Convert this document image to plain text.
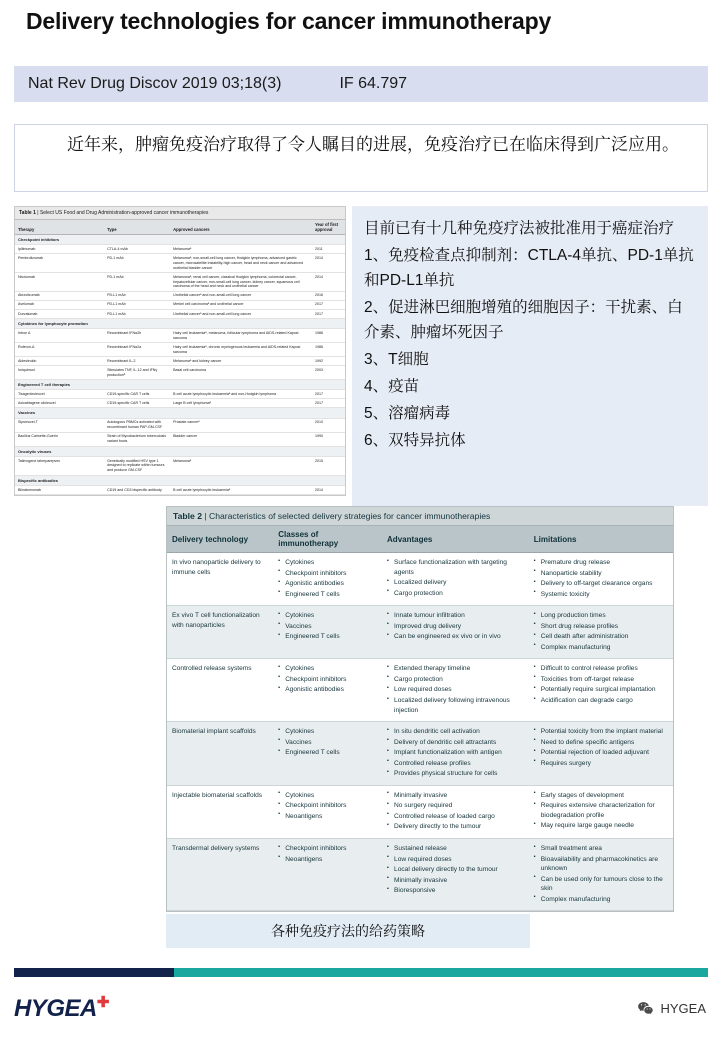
Delivery technologies for cancer immunotherapy
Nat Rev Drug Discov 2019 03;18(3)	IF 64.797
近年来，肿瘤免疫治疗取得了令人瞩目的进展，免疫治疗已在临床得到广泛应用。
Table 1 | Select US Food and Drug Administration-approved cancer immunotherapies
Therapy	Type	Approved cancers	Year of first approval
Checkpoint inhibitors			
Ipilimumab	CTLA-4 mAb	Melanomaᵃ	2011
Pembrolizumab	PD-1 mAb	Melanomaᵃ, non-small-cell lung cancer, Hodgkin lymphoma, advanced gastric cancer, microsatellite instability-high cancer, head and neck cancer and advanced urothelial bladder cancer	2014
Nivolumab	PD-1 mAb	Melanomaᵃ, renal cell cancer, classical Hodgkin lymphoma, colorectal cancer, hepatocellular cancer, non-small-cell lung cancer, kidney cancer, squamous cell carcinoma of the head and neck and urothelial cancer	2014
Atezolizumab	PD-L1 mAb	Urothelial cancerᵃ and non-small-cell lung cancer	2016
Avelumab	PD-L1 mAb	Merkel cell carcinomaᵃ and urothelial cancer	2017
Durvalumab	PD-L1 mAb	Urothelial cancerᵃ and non-small-cell lung cancer	2017
Cytokines for lymphocyte promotion			
Intron A	Recombinant IFNα2b	Hairy cell leukaemiaᵃ, melanoma, follicular lymphoma and AIDS-related Kaposi sarcoma	1986
Roferon-A	Recombinant IFNα2a	Hairy cell leukaemiaᵃ, chronic myelogenous leukaemia and AIDS-related Kaposi sarcoma	1986
Aldesleukin	Recombinant IL-2	Melanomaᵃ and kidney cancer	1992
Imiquimod	Stimulates TNF, IL-12 and IFNγ productionᵇ	Basal cell carcinoma	200X
Engineered T cell therapies			
Tisagenlecleucel	CD19-specific CAR T cells	B cell acute lymphocytic leukaemiaᵃ and non-Hodgkin lymphoma	2017
Axicabtagene ciloleucel	CD19-specific CAR T cells	Large B cell lymphomaᵃ	2017
Vaccines			
Sipuleucel-T	Autologous PBMCs activated with recombinant human PAP-GM-CSF	Prostate cancerᵃ	2010
Bacillus Calmette-Guérin	Strain of Mycobacterium tuberculosis variant bovis	Bladder cancer	1990
Oncolytic viruses			
Talimogene laherparepvec	Genetically modified HSV type 1 designed to replicate within tumours and produce GM-CSF	Melanomaᵃ	2015
Bispecific antibodies			
Blinatumomab	CD19 and CD3 bispecific antibody	B cell acute lymphocytic leukaemiaᵃ	2014

目前已有十几种免疫疗法被批准用于癌症治疗

1、免疫检查点抑制剂：CTLA-4单抗、PD-1单抗和PD-L1单抗

2、促进淋巴细胞增殖的细胞因子：干扰素、白介素、肿瘤坏死因子

3、T细胞

4、疫苗

5、溶瘤病毒

6、双特异抗体

Table 2 | Characteristics of selected delivery strategies for cancer immunotherapies
Delivery technology	Classes of immunotherapy	Advantages	Limitations
In vivo nanoparticle delivery to immune cells	
▪ Cytokines
▪ Checkpoint inhibitors
▪ Agonistic antibodies
▪ Engineered T cells

▪ Surface functionalization with targeting agents
▪ Localized delivery
▪ Cargo protection

▪ Premature drug release
▪ Nanoparticle stability
▪ Delivery to off-target clearance organs
▪ Systemic toxicity

Ex vivo T cell functionalization with nanoparticles	
▪ Cytokines
▪ Vaccines
▪ Engineered T cells

▪ Innate tumour infiltration
▪ Improved drug delivery
▪ Can be engineered ex vivo or in vivo

▪ Long production times
▪ Short drug release profiles
▪ Cell death after administration
▪ Complex manufacturing

Controlled release systems	
▪Cytokines
▪ Checkpoint inhibitors
▪ Agonistic antibodies

▪ Extended therapy timeline
▪ Cargo protection
▪ Low required doses
▪ Localized delivery following intravenous injection

▪ Difficult to control release profiles
▪ Toxicities from off-target release
▪ Potentially require surgical implantation
▪ Acidification can degrade cargo

Biomaterial implant scaffolds	
▪Cytokines
▪ Vaccines
▪ Engineered T cells

▪ In situ dendritic cell activation
▪ Delivery of dendritic cell attractants
▪ Implant functionalization with antigen
▪ Controlled release profiles
▪ Provides physical structure for cells

▪ Potential toxicity from the implant material
▪ Need to define specific antigens
▪ Potential rejection of loaded adjuvant
▪ Requires surgery

Injectable biomaterial scaffolds	
▪Cytokines
▪ Checkpoint inhibitors
▪ Neoantigens

▪ Minimally invasive
▪ No surgery required
▪ Controlled release of loaded cargo
▪ Delivery directly to the tumour

▪ Early stages of development
▪ Requires extensive characterization for biodegradation profile
▪ May require large gauge needle

Transdermal delivery systems	
▪Checkpoint inhibitors
▪ Neoantigens

▪ Sustained release
▪ Low required doses
▪ Local delivery directly to the tumour
▪ Minimally invasive
▪ Bioresponsive

▪ Small treatment area
▪ Bioavailability and pharmacokinetics are unknown
▪ Can be used only for tumours close to the skin
▪ Complex manufacturing
各种免疫疗法的给药策略
HYGEA✚	HYGEA
